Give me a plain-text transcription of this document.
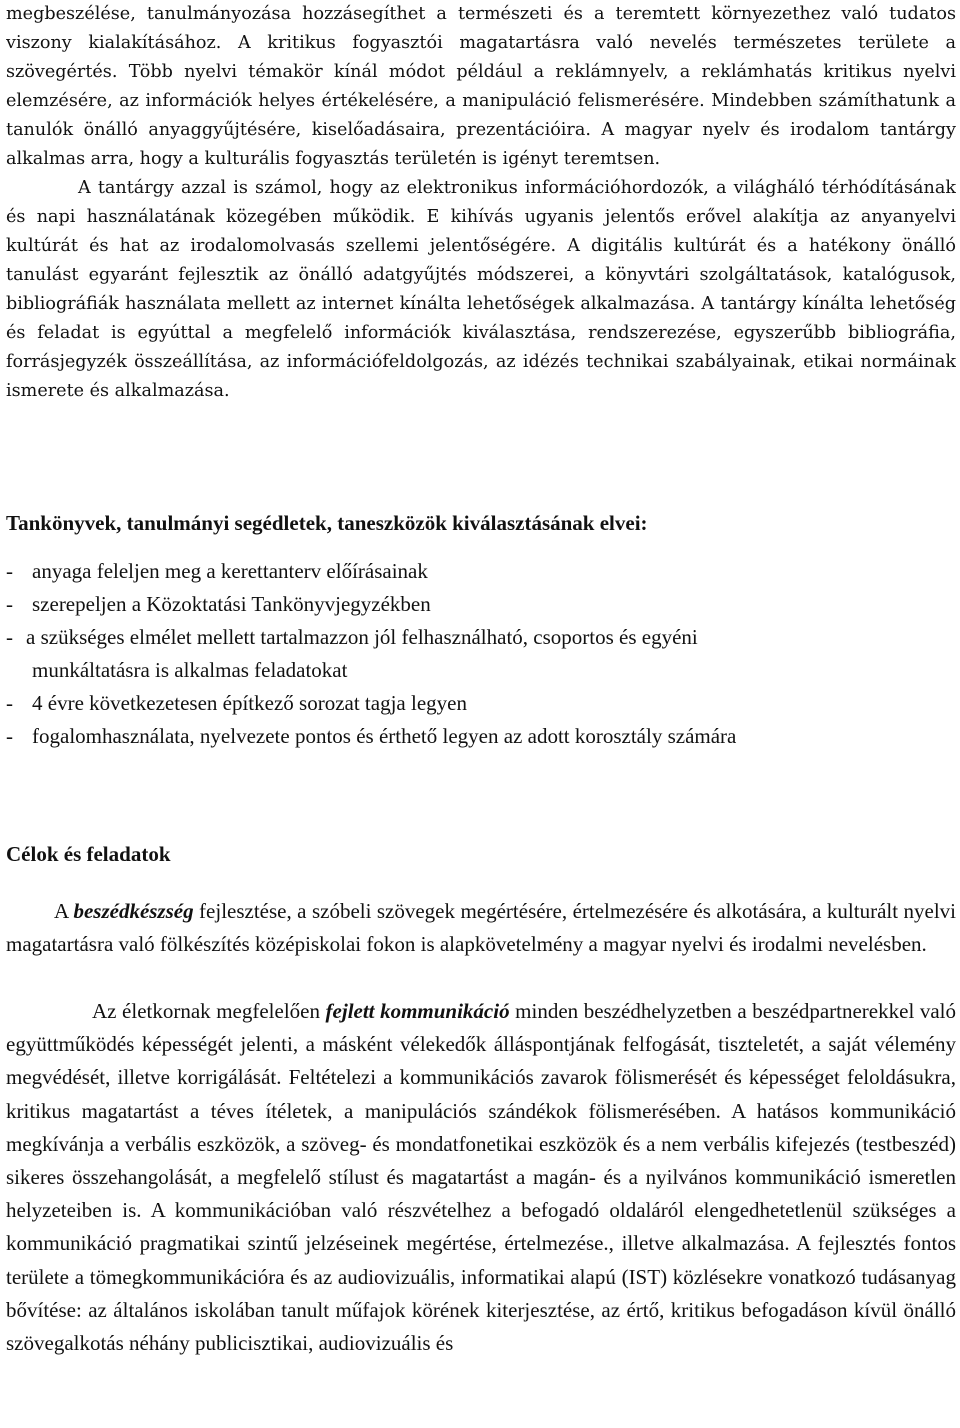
megbeszélése, tanulmányozása hozzásegíthet a természeti és a teremtett környezethez való tudatos viszony kialakításához. A kritikus fogyasztói magatartásra való nevelés természetes területe a szövegértés. Több nyelvi témakör kínál módot például a reklámnyelv, a reklámhatás kritikus nyelvi elemzésére, az információk helyes értékelésére, a manipuláció felismerésére. Mindebben számíthatunk a tanulók önálló anyaggyűjtésére, kiselőadásaira, prezentációira. A magyar nyelv és irodalom tantárgy alkalmas arra, hogy a kulturális fogyasztás területén is igényt teremtsen.

A tantárgy azzal is számol, hogy az elektronikus információhordozók, a világháló térhódításának és napi használatának közegében működik. E kihívás ugyanis jelentős erővel alakítja az anyanyelvi kultúrát és hat az irodalomolvasás szellemi jelentőségére. A digitális kultúrát és a hatékony önálló tanulást egyaránt fejlesztik az önálló adatgyűjtés módszerei, a könyvtári szolgáltatások, katalógusok, bibliográfiák használata mellett az internet kínálta lehetőségek alkalmazása. A tantárgy kínálta lehetőség és feladat is egyúttal a megfelelő információk kiválasztása, rendszerezése, egyszerűbb bibliográfia, forrásjegyzék összeállítása, az információfeldolgozás, az idézés technikai szabályainak, etikai normáinak ismerete és alkalmazása.

Tankönyvek, tanulmányi segédletek, taneszközök kiválasztásának elvei:
- anyaga feleljen meg a kerettanterv előírásainak
- szerepeljen a Közoktatási Tankönyvjegyzékben
- a szükséges elmélet mellett tartalmazzon jól felhasználható, csoportos és egyéni
munkáltatásra is alkalmas feladatokat
- 4 évre következetesen építkező sorozat tagja legyen
- fogalomhasználata, nyelvezete pontos és érthető legyen az adott korosztály számára
Célok és feladatok

A beszédkészség fejlesztése, a szóbeli szövegek megértésére, értelmezésére és alkotására, a kulturált nyelvi magatartásra való fölkészítés középiskolai fokon is alapkövetelmény a magyar nyelvi és irodalmi nevelésben.

Az életkornak megfelelően fejlett kommunikáció minden beszédhelyzetben a beszédpartnerekkel való együttműködés képességét jelenti, a másként vélekedők álláspontjának felfogását, tiszteletét, a saját vélemény megvédését, illetve korrigálását. Feltételezi a kommunikációs zavarok fölismerését és képességet feloldásukra, kritikus magatartást a téves ítéletek, a manipulációs szándékok fölismerésében. A hatásos kommunikáció megkívánja a verbális eszközök, a szöveg- és mondatfonetikai eszközök és a nem verbális kifejezés (testbeszéd) sikeres összehangolását, a megfelelő stílust és magatartást a magán- és a nyilvános kommunikáció ismeretlen helyzeteiben is. A kommunikációban való részvételhez a befogadó oldaláról elengedhetetlenül szükséges a kommunikáció pragmatikai szintű jelzéseinek megértése, értelmezése., illetve alkalmazása. A fejlesztés fontos területe a tömegkommunikációra és az audiovizuális, informatikai alapú (IST) közlésekre vonatkozó tudásanyag bővítése: az általános iskolában tanult műfajok körének kiterjesztése, az értő, kritikus befogadáson kívül önálló szövegalkotás néhány publicisztikai, audiovizuális és
